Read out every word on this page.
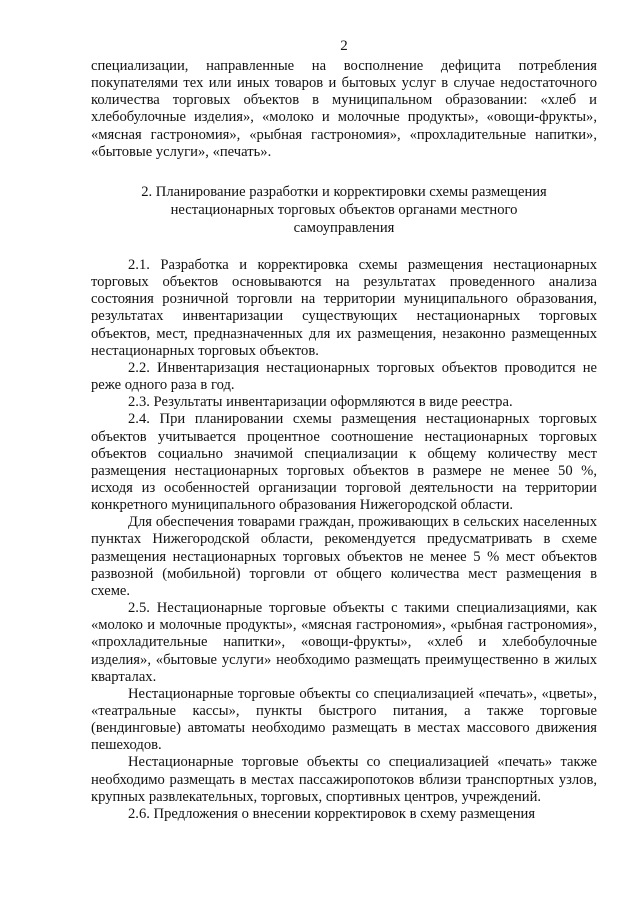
2

специализации, направленные на восполнение дефицита потребления покупателями тех или иных товаров и бытовых услуг в случае недостаточного количества торговых объектов в муниципальном образовании: «хлеб и хлебобулочные изделия», «молоко и молочные продукты», «овощи-фрукты», «мясная гастрономия», «рыбная гастрономия», «прохладительные напитки», «бытовые услуги», «печать».

2. Планирование разработки и корректировки схемы размещения
нестационарных торговых объектов органами местного
самоуправления

2.1. Разработка и корректировка схемы размещения нестационарных торговых объектов основываются на результатах проведенного анализа состояния розничной торговли на территории муниципального образования, результатах инвентаризации существующих нестационарных торговых объектов, мест, предназначенных для их размещения, незаконно размещенных нестационарных торговых объектов.

2.2. Инвентаризация нестационарных торговых объектов проводится не реже одного раза в год.

2.3. Результаты инвентаризации оформляются в виде реестра.

2.4. При планировании схемы размещения нестационарных торговых объектов учитывается процентное соотношение нестационарных торговых объектов социально значимой специализации к общему количеству мест размещения нестационарных торговых объектов в размере не менее 50 %, исходя из особенностей организации торговой деятельности на территории конкретного муниципального образования Нижегородской области.

Для обеспечения товарами граждан, проживающих в сельских населенных пунктах Нижегородской области, рекомендуется предусматривать в схеме размещения нестационарных торговых объектов не менее 5 % мест объектов развозной (мобильной) торговли от общего количества мест размещения в схеме.

2.5. Нестационарные торговые объекты с такими специализациями, как «молоко и молочные продукты», «мясная гастрономия», «рыбная гастрономия», «прохладительные напитки», «овощи-фрукты», «хлеб и хлебобулочные изделия», «бытовые услуги» необходимо размещать преимущественно в жилых кварталах.

Нестационарные торговые объекты со специализацией «печать», «цветы», «театральные кассы», пункты быстрого питания, а также торговые (вендинговые) автоматы необходимо размещать в местах массового движения пешеходов.

Нестационарные торговые объекты со специализацией «печать» также необходимо размещать в местах пассажиропотоков вблизи транспортных узлов, крупных развлекательных, торговых, спортивных центров, учреждений.

2.6. Предложения о внесении корректировок в схему размещения
